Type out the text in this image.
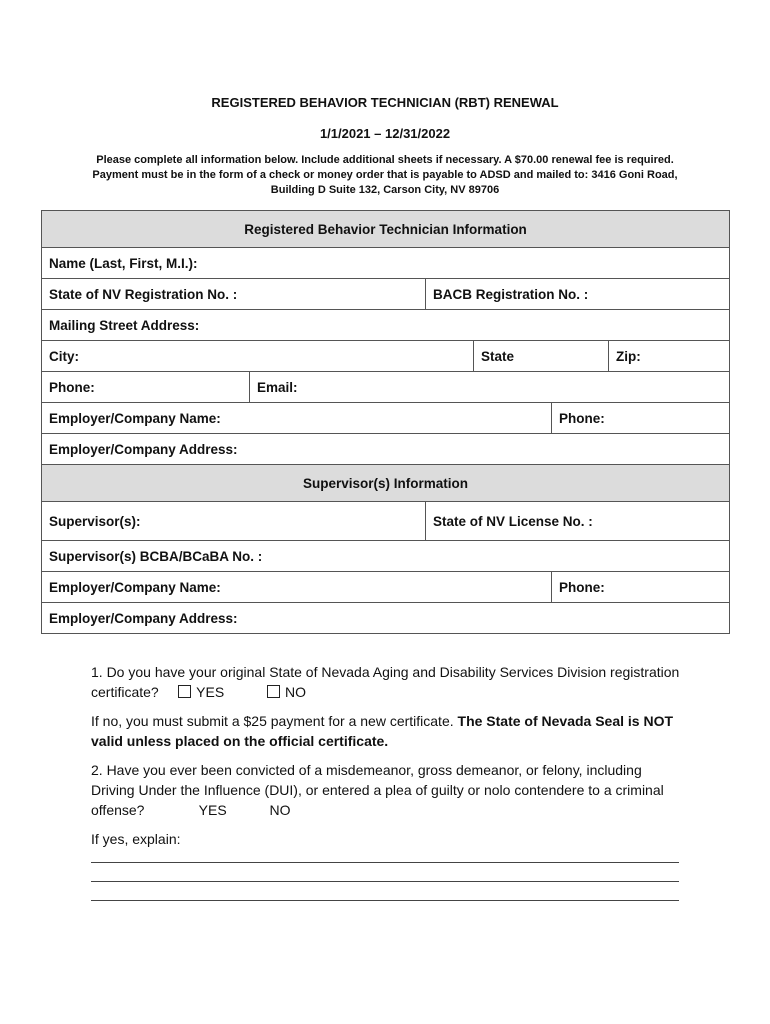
REGISTERED BEHAVIOR TECHNICIAN (RBT) RENEWAL
1/1/2021 – 12/31/2022
Please complete all information below. Include additional sheets if necessary. A $70.00 renewal fee is required. Payment must be in the form of a check or money order that is payable to ADSD and mailed to: 3416 Goni Road, Building D Suite 132, Carson City, NV 89706
Registered Behavior Technician Information					
Name (Last, First, M.I.):					
State of NV Registration No. :		BACB Registration No. :			
Mailing Street Address:					
City:			State		Zip:
Phone:	Email:				
Employer/Company Name:				Phone:	
Employer/Company Address:					
Supervisor(s) Information					
Supervisor(s):		State of NV License No. :			
Supervisor(s) BCBA/BCaBA No. :					
Employer/Company Name:				Phone:	
Employer/Company Address:					

1. Do you have your original State of Nevada Aging and Disability Services Division registration certificate?	YES	NO

If no, you must submit a $25 payment for a new certificate. The State of Nevada Seal is NOT valid unless placed on the official certificate.

2. Have you ever been convicted of a misdemeanor, gross demeanor, or felony, including Driving Under the Influence (DUI), or entered a plea of guilty or nolo contendere to a criminal offense?	YES	NO

If yes, explain:
